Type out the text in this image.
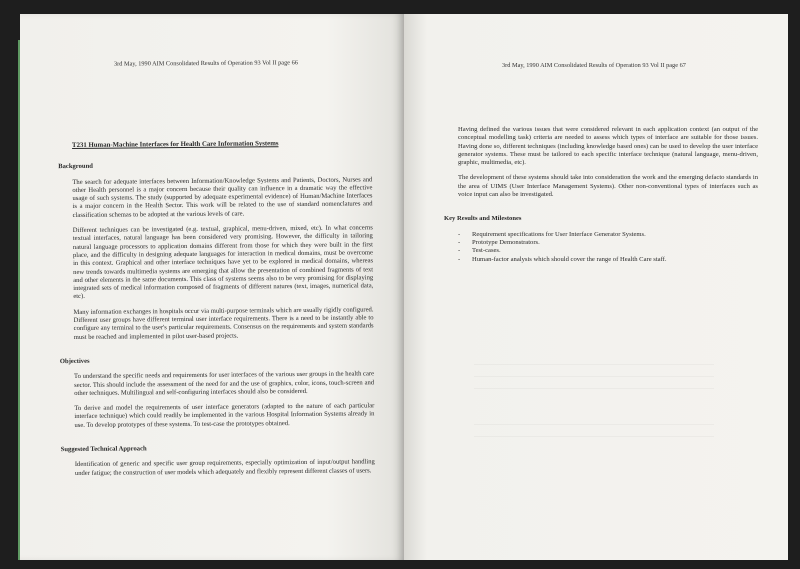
3rd May, 1990 AIM Consolidated Results of Operation 93 Vol II page 66
T231 Human-Machine Interfaces for Health Care Information Systems
Background

The search for adequate interfaces between Information/Knowledge Systems and Patients, Doctors, Nurses and other Health personnel is a major concern because their quality can influence in a dramatic way the effective usage of such systems. The study (supported by adequate experimental evidence) of Human/Machine Interfaces is a major concern in the Health Sector. This work will be related to the use of standard nomenclatures and classification schemas to be adopted at the various levels of care.

Different techniques can be investigated (e.g. textual, graphical, menu-driven, mixed, etc). In what concerns textual interfaces, natural language has been considered very promising. However, the difficulty in tailoring natural language processors to application domains different from those for which they were built in the first place, and the difficulty in designing adequate languages for interaction in medical domains, must be overcome in this context. Graphical and other interface techniques have yet to be explored in medical domains, whereas new trends towards multimedia systems are emerging that allow the presentation of combined fragments of text and other elements in the same documents. This class of systems seems also to be very promising for displaying integrated sets of medical information composed of fragments of different natures (text, images, numerical data, etc).

Many information exchanges in hospitals occur via multi-purpose terminals which are usually rigidly configured. Different user groups have different terminal user interface requirements. There is a need to be instantly able to configure any terminal to the user's particular requirements. Consensus on the requirements and system standards must be reached and implemented in pilot user-based projects.

Objectives

To understand the specific needs and requirements for user interfaces of the various user groups in the health care sector. This should include the assessment of the need for and the use of graphics, color, icons, touch-screen and other techniques. Multilingual and self-configuring interfaces should also be considered.

To derive and model the requirements of user interface generators (adapted to the nature of each particular interface technique) which could readily be implemented in the various Hospital Information Systems already in use. To develop prototypes of these systems. To test-case the prototypes obtained.

Suggested Technical Approach

Identification of generic and specific user group requirements, especially optimization of input/output handling under fatigue; the construction of user models which adequately and flexibly represent different classes of users.

3rd May, 1990 AIM Consolidated Results of Operation 93 Vol II page 67

Having defined the various issues that were considered relevant in each application context (an output of the conceptual modelling task) criteria are needed to assess which types of interface are suitable for those issues. Having done so, different techniques (including knowledge based ones) can be used to develop the user interface generator systems. These must be tailored to each specific interface technique (natural language, menu-driven, graphic, multimedia, etc).

The development of these systems should take into consideration the work and the emerging defacto standards in the area of UIMS (User Interface Management Systems). Other non-conventional types of interfaces such as voice input can also be investigated.

Key Results and Milestones
- Requirement specifications for User Interface Generator Systems.
- Prototype Demonstrators.
- Test-cases.
- Human-factor analysis which should cover the range of Health Care staff.
